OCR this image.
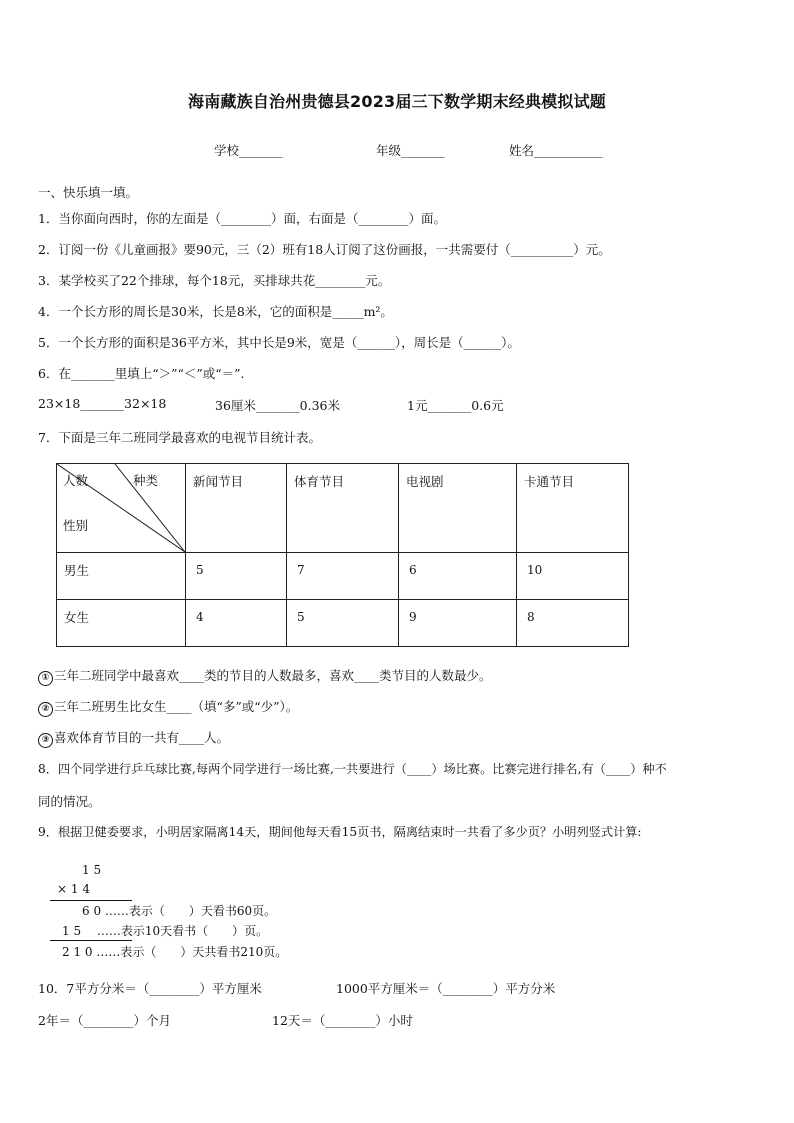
海南藏族自治州贵德县2023届三下数学期末经典模拟试题
学校_______	年级_______	姓名___________
一、快乐填一填。
1．当你面向西时，你的左面是（________）面，右面是（________）面。
2．订阅一份《儿童画报》要90元，三（2）班有18人订阅了这份画报，一共需要付（__________）元。
3．某学校买了22个排球，每个18元，买排球共花________元。
4．一个长方形的周长是30米，长是8米，它的面积是_____m²。
5．一个长方形的面积是36平方米，其中长是9米，宽是（______），周长是（______）。
6．在_______里填上“＞”“＜”或“＝”.
23×18_______32×18	36厘米_______0.36米	1元_______0.6元
7．下面是三年二班同学最喜欢的电视节目统计表。
人数 种类
性别	新闻节目	体育节目	电视剧	卡通节目
男生	5	7	6	10
女生	4	5	9	8
① 三年二班同学中最喜欢____类的节目的人数最多，喜欢____类节目的人数最少。
② 三年二班男生比女生____（填“多”或“少”）。
③ 喜欢体育节目的一共有____人。
8．四个同学进行乒乓球比赛,每两个同学进行一场比赛,一共要进行（____）场比赛。比赛完进行排名,有（____）种不
同的情况。
9．根据卫健委要求，小明居家隔离14天，期间他每天看15页书，隔离结束时一共看了多少页？小明列竖式计算:
1 5
× 1 4
6 0 ……表示（　　）天看书60页。
1 5 　……表示10天看书（　　）页。
2 1 0 ……表示（　　）天共看书210页。
10．7平方分米＝（________）平方厘米	1000平方厘米＝（________）平方分米
2年＝（________）个月	12天＝（________）小时
